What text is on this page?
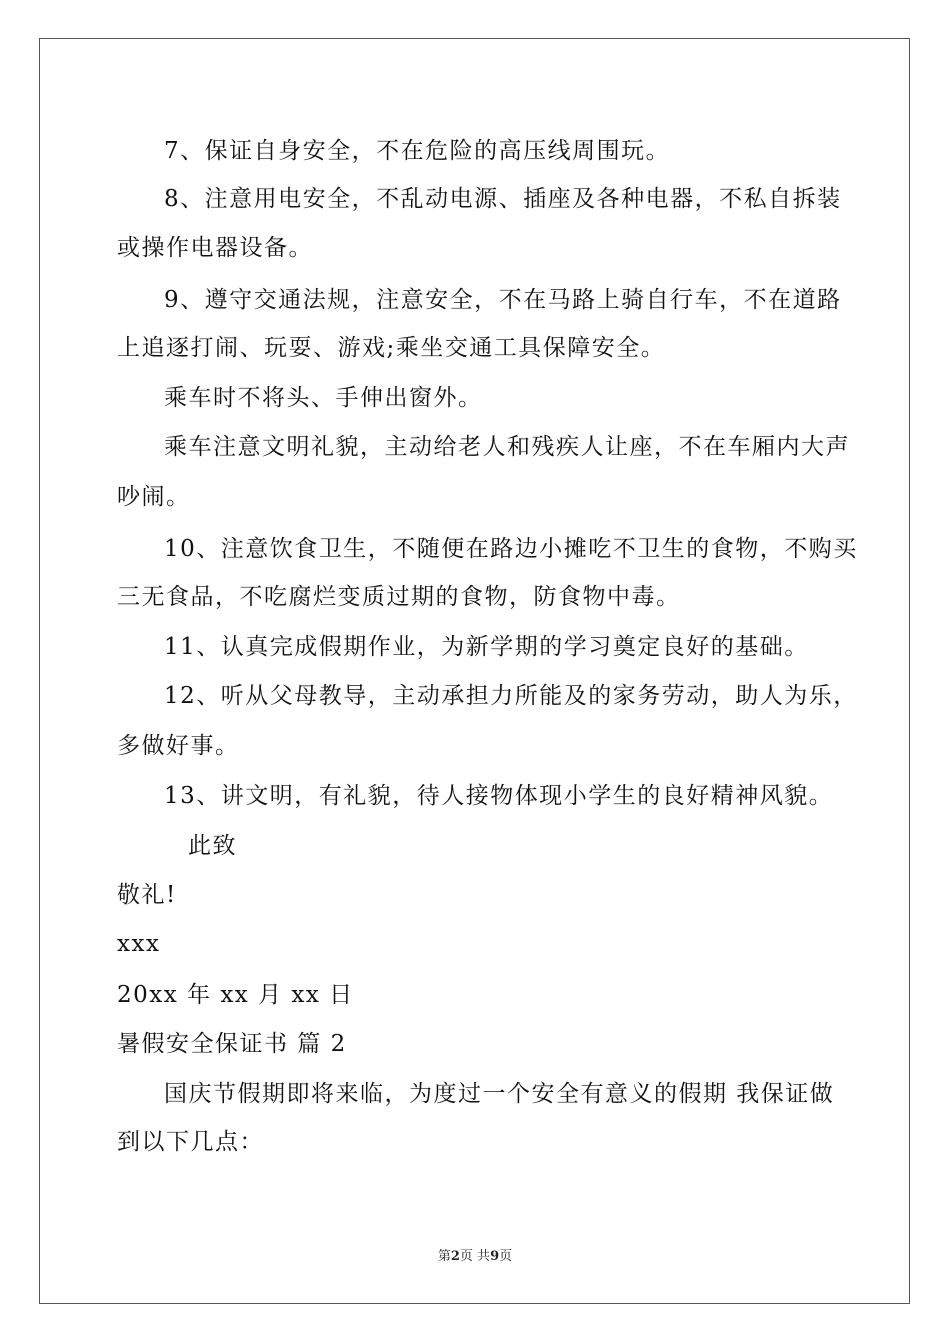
7、保证自身安全，不在危险的高压线周围玩。
8、注意用电安全，不乱动电源、插座及各种电器，不私自拆装
或操作电器设备。
9、遵守交通法规，注意安全，不在马路上骑自行车，不在道路
上追逐打闹、玩耍、游戏;乘坐交通工具保障安全。
乘车时不将头、手伸出窗外。
乘车注意文明礼貌，主动给老人和残疾人让座，不在车厢内大声
吵闹。
10、注意饮食卫生，不随便在路边小摊吃不卫生的食物，不购买
三无食品，不吃腐烂变质过期的食物，防食物中毒。
11、认真完成假期作业，为新学期的学习奠定良好的基础。
12、听从父母教导，主动承担力所能及的家务劳动，助人为乐，
多做好事。
13、讲文明，有礼貌，待人接物体现小学生的良好精神风貌。
此致
敬礼!
xxx
20xx 年 xx 月 xx 日
暑假安全保证书 篇 2
国庆节假期即将来临，为度过一个安全有意义的假期 我保证做
到以下几点：
第2页 共9页
